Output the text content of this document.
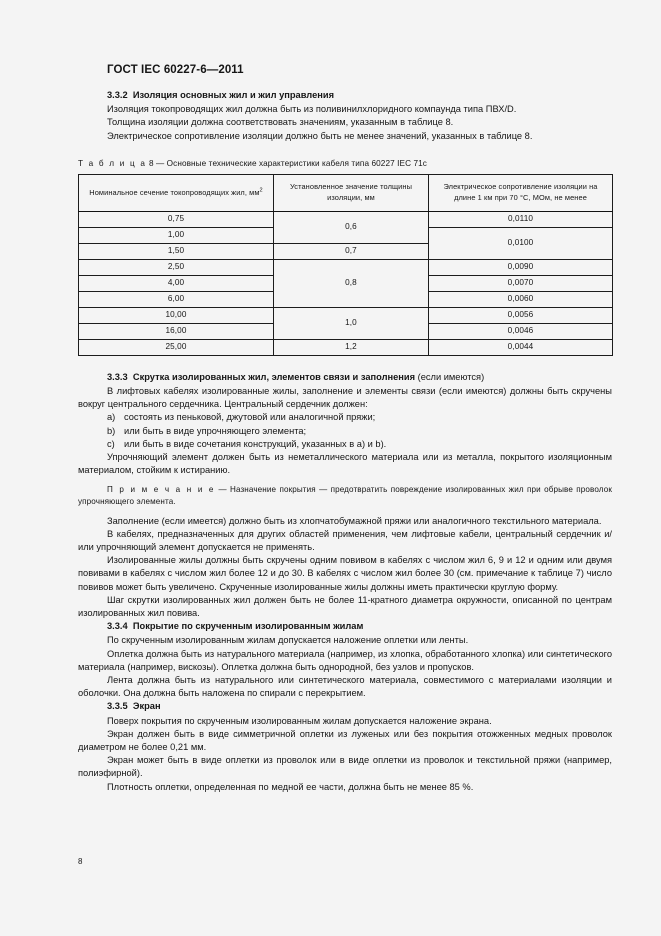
ГОСТ IEC 60227-6—2011
3.3.2 Изоляция основных жил и жил управления

Изоляция токопроводящих жил должна быть из поливинилхлоридного компаунда типа ПВХ/D.

Толщина изоляции должна соответствовать значениям, указанным в таблице 8.

Электрическое сопротивление изоляции должно быть не менее значений, указанных в таблице 8.

Т а б л и ц а 8 — Основные технические характеристики кабеля типа 60227 IEC 71с
Номинальное сечение токопроводящих жил, $мм^2$	Установленное значение толщины изоляции, мм	Электрическое сопротивление изоляции на длине 1 км при 70 °C, МОм, не менее
0,75	0,6	0,0110
1,00		0,0100
1,50	0,7	
2,50	0,8	0,0090
4,00		0,0070
6,00		0,0060
10,00	1,0	0,0056
16,00		0,0046
25,00	1,2	0,0044
3.3.3 Скрутка изолированных жил, элементов связи и заполнения (если имеются)

В лифтовых кабелях изолированные жилы, заполнение и элементы связи (если имеются) должны быть скручены вокруг центрального сердечника. Центральный сердечник должен:

a) состоять из пеньковой, джутовой или аналогичной пряжи;
b) или быть в виде упрочняющего элемента;
c) или быть в виде сочетания конструкций, указанных в a) и b).

Упрочняющий элемент должен быть из неметаллического материала или из металла, покрытого изоляционным материалом, стойким к истиранию.

П р и м е ч а н и е — Назначение покрытия — предотвратить повреждение изолированных жил при обрыве проволок упрочняющего элемента.

Заполнение (если имеется) должно быть из хлопчатобумажной пряжи или аналогичного текстильного материала.

В кабелях, предназначенных для других областей применения, чем лифтовые кабели, центральный сердечник и/или упрочняющий элемент допускается не применять.

Изолированные жилы должны быть скручены одним повивом в кабелях с числом жил 6, 9 и 12 и одним или двумя повивами в кабелях с числом жил более 12 и до 30. В кабелях с числом жил более 30 (см. примечание к таблице 7) число повивов может быть увеличено. Скрученные изолированные жилы должны иметь практически круглую форму.

Шаг скрутки изолированных жил должен быть не более 11-кратного диаметра окружности, описанной по центрам изолированных жил повива.

3.3.4 Покрытие по скрученным изолированным жилам

По скрученным изолированным жилам допускается наложение оплетки или ленты.

Оплетка должна быть из натурального материала (например, из хлопка, обработанного хлопка) или синтетического материала (например, вискозы). Оплетка должна быть однородной, без узлов и пропусков.

Лента должна быть из натурального или синтетического материала, совместимого с материалами изоляции и оболочки. Она должна быть наложена по спирали с перекрытием.

3.3.5 Экран

Поверх покрытия по скрученным изолированным жилам допускается наложение экрана.

Экран должен быть в виде симметричной оплетки из луженых или без покрытия отожженных медных проволок диаметром не более 0,21 мм.

Экран может быть в виде оплетки из проволок или в виде оплетки из проволок и текстильной пряжи (например, полиэфирной).

Плотность оплетки, определенная по медной ее части, должна быть не менее 85 %.

8
